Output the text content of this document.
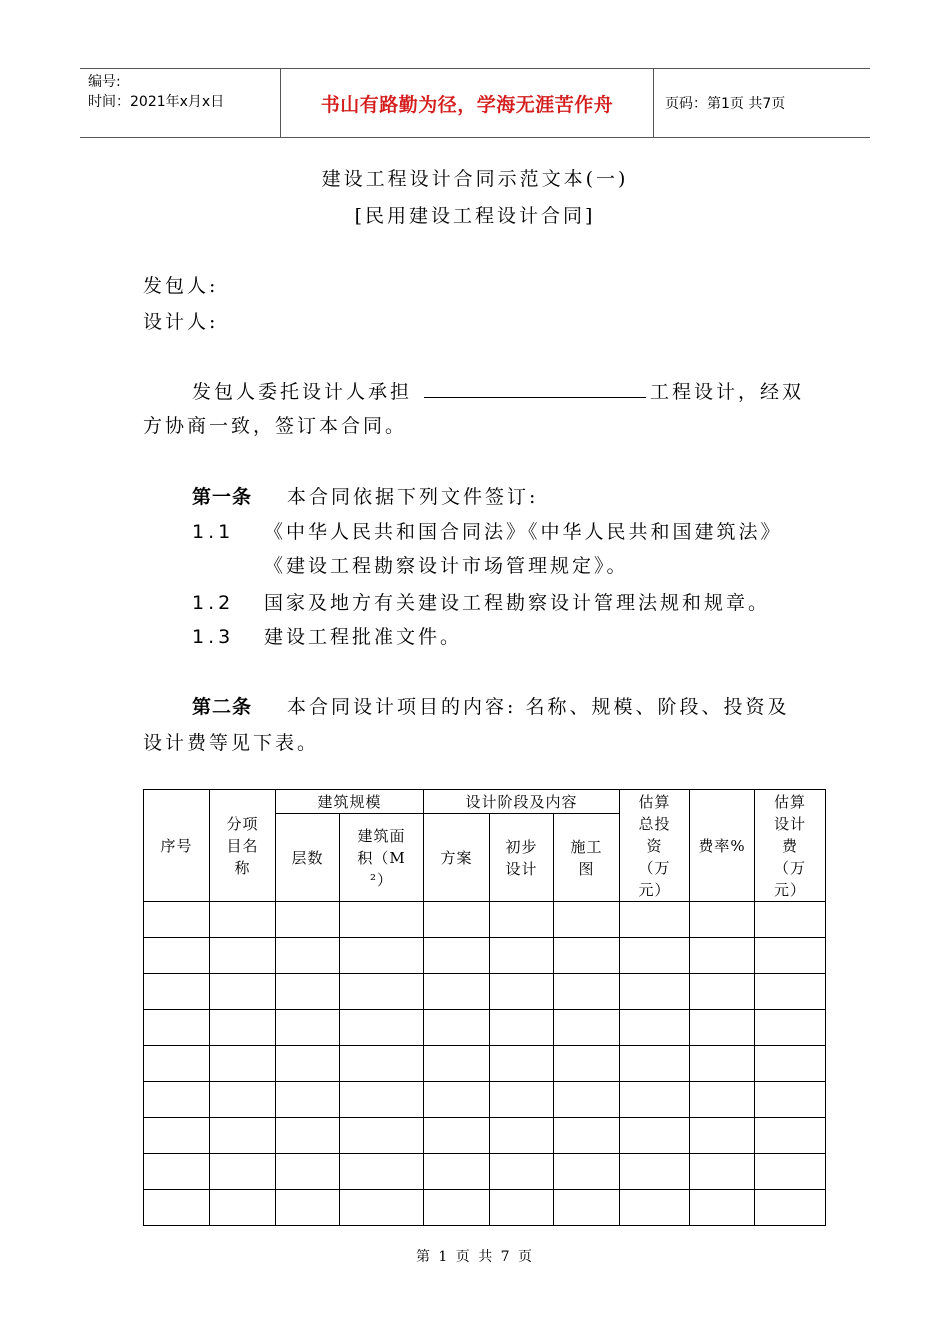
编号:
时间：2021年x月x日	书山有路勤为径，学海无涯苦作舟	页码：第1页 共7页
建设工程设计合同示范文本(一)
[民用建设工程设计合同]
发包人:
设计人:
发包人委托设计人承担	工程设计，经双
方协商一致，签订本合同。
第一条 本合同依据下列文件签订:
1.1 《中华人民共和国合同法》《中华人民共和国建筑法》
《建设工程勘察设计市场管理规定》。
1.2 国家及地方有关建设工程勘察设计管理法规和规章。
1.3 建设工程批准文件。
第二条 本合同设计项目的内容: 名称、规模、阶段、投资及
设计费等见下表。
序号	分项目名称	建筑规模		设计阶段及内容			估算总投资（万元）	费率%	估算设计费（万元）
		层数	建筑面积（M²）	方案	初步设计	施工图			

第 1 页 共 7 页
